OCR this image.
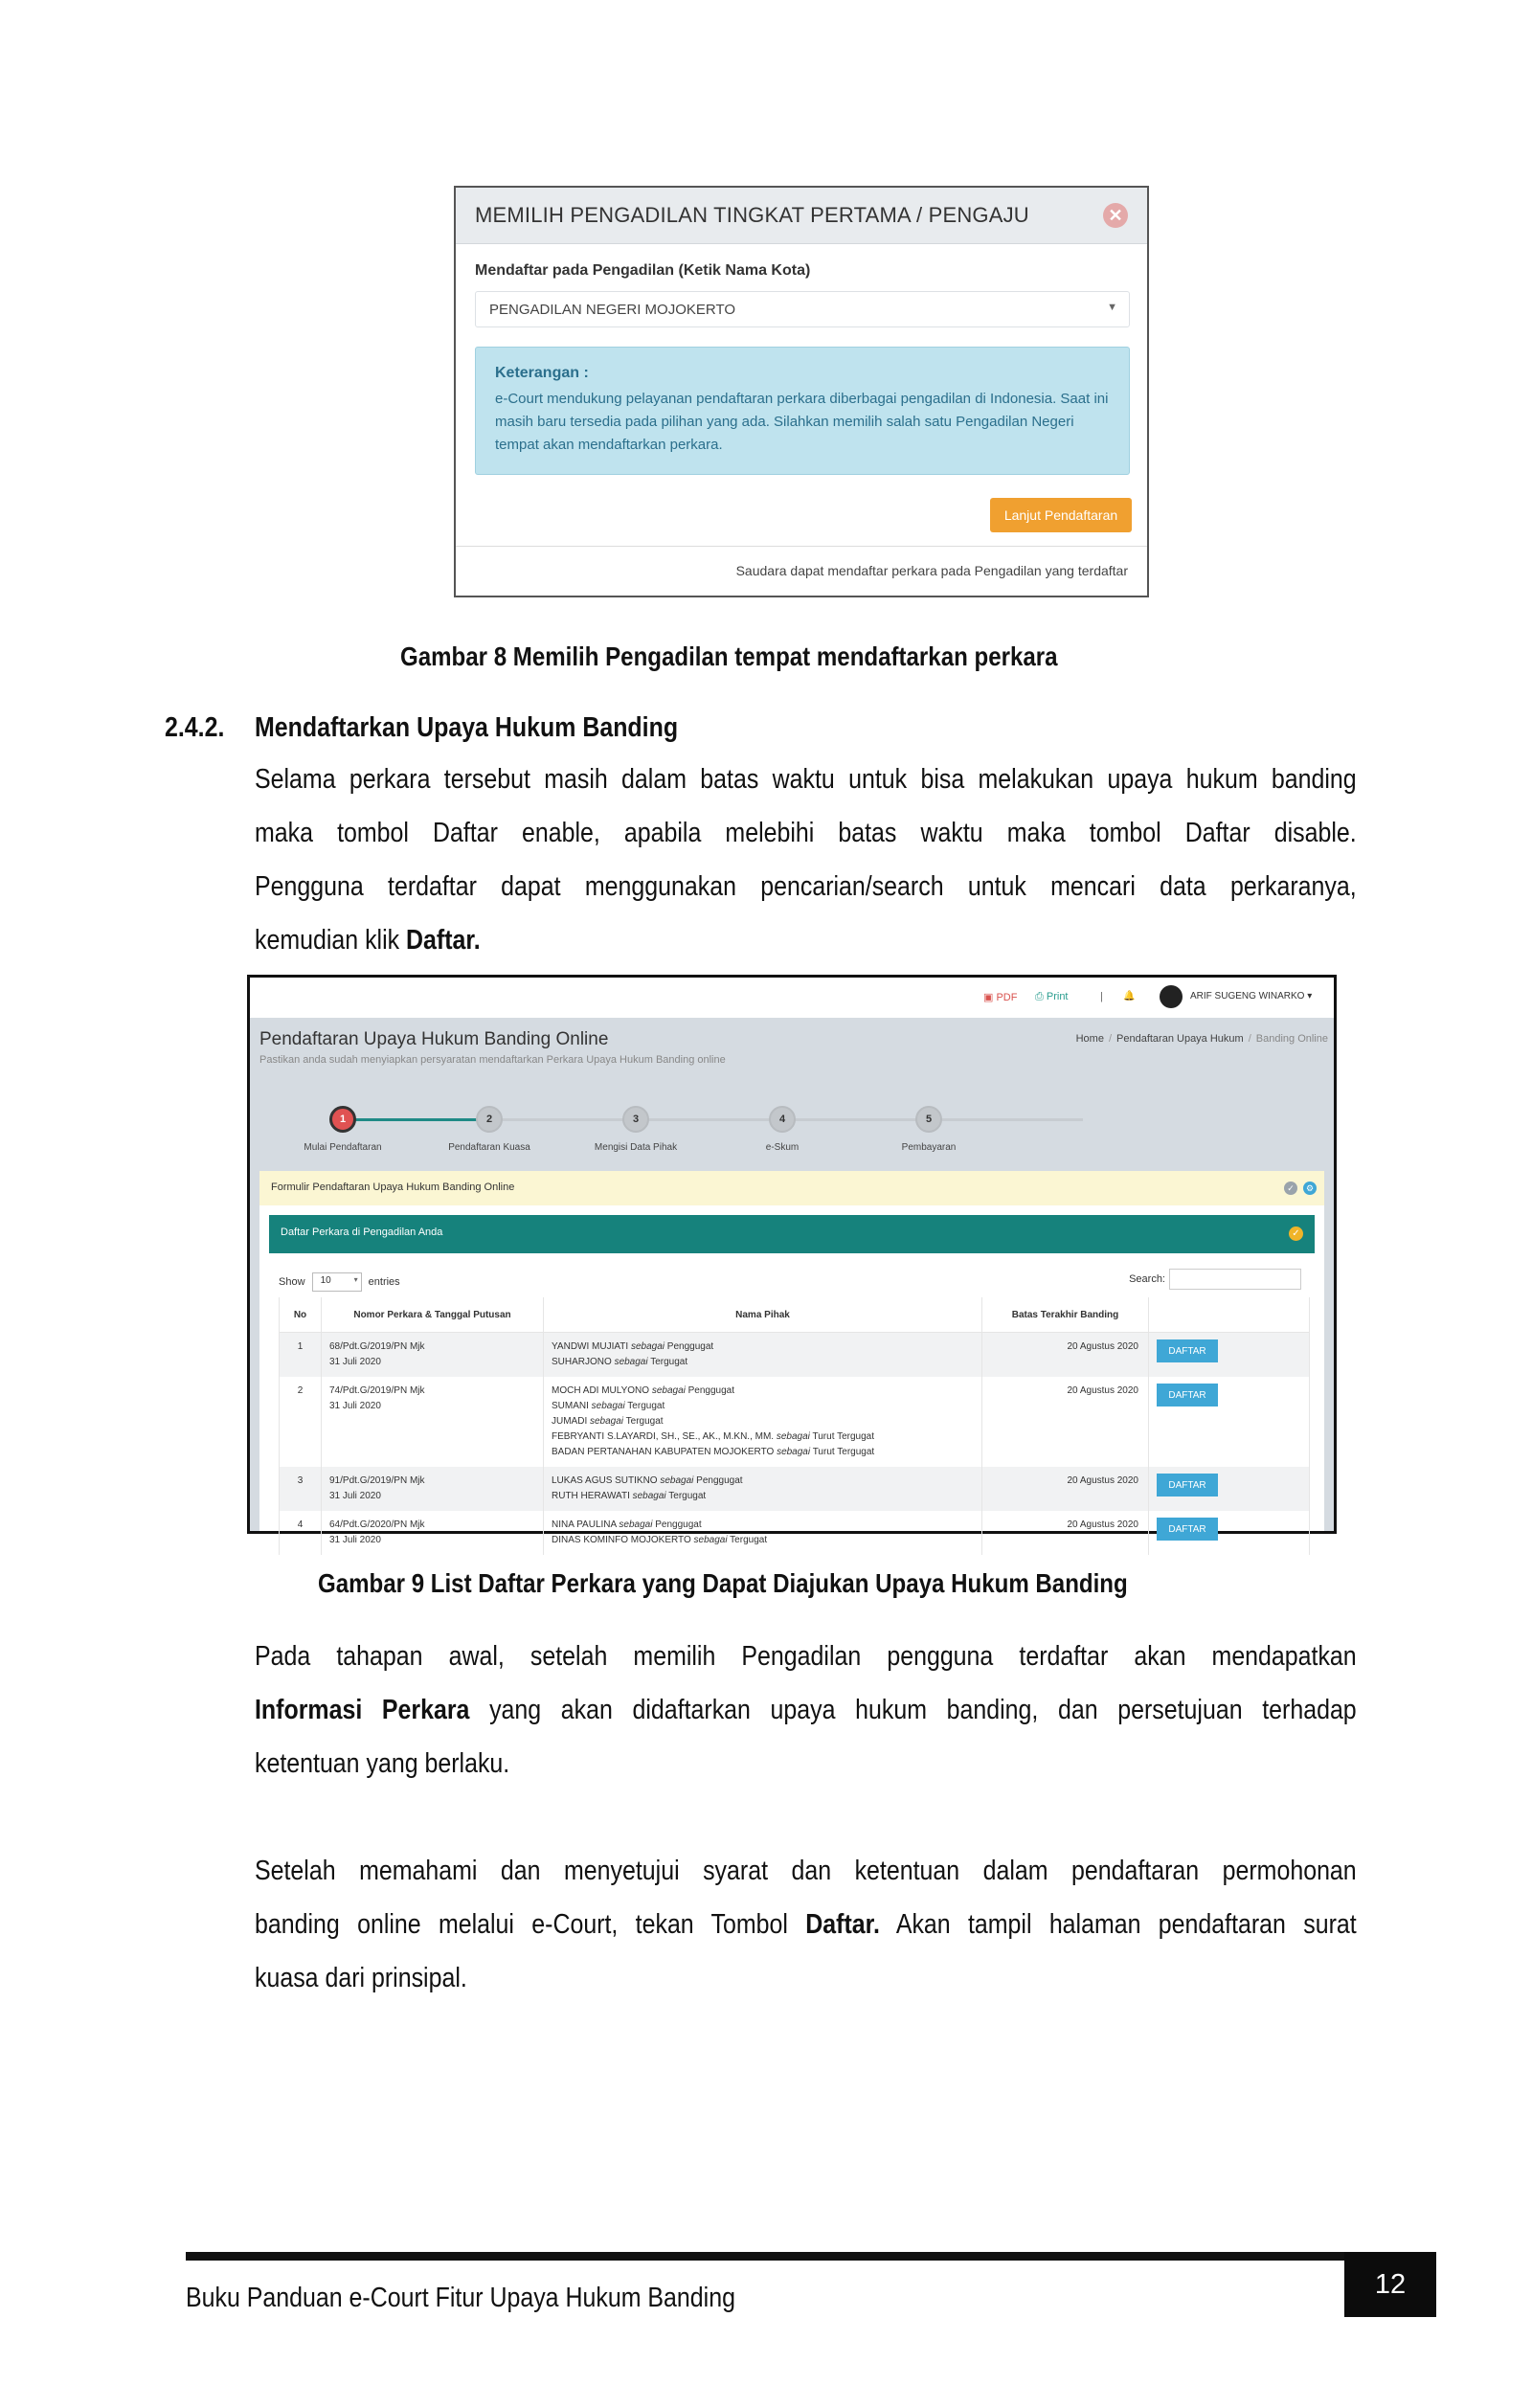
MEMILIH PENGADILAN TINGKAT PERTAMA / PENGAJU	✕
Mendaftar pada Pengadilan (Ketik Nama Kota)
PENGADILAN NEGERI MOJOKERTO	▼
Keterangan :
e-Court mendukung pelayanan pendaftaran perkara diberbagai pengadilan di Indonesia. Saat ini masih baru tersedia pada pilihan yang ada. Silahkan memilih salah satu Pengadilan Negeri tempat akan mendaftarkan perkara.
Lanjut Pendaftaran
Saudara dapat mendaftar perkara pada Pengadilan yang terdaftar
Gambar 8 Memilih Pengadilan tempat mendaftarkan perkara
2.4.2. Mendaftarkan Upaya Hukum Banding
Selama perkara tersebut masih dalam batas waktu untuk bisa melakukan upaya hukum banding
maka tombol Daftar enable, apabila melebihi batas waktu maka tombol Daftar disable.
Pengguna terdaftar dapat menggunakan pencarian/search untuk mencari data perkaranya,
kemudian klik Daftar.
▣ PDF ⎙ Print	| 🔔	ARIF SUGENG WINARKO ▾
Pendaftaran Upaya Hukum Banding Online
Pastikan anda sudah menyiapkan persyaratan mendaftarkan Perkara Upaya Hukum Banding online
Home / Pendaftaran Upaya Hukum / Banding Online
1	2	3	4	5
Mulai Pendaftaran	Pendaftaran Kuasa	Mengisi Data Pihak	e-Skum	Pembayaran
Formulir Pendaftaran Upaya Hukum Banding Online	✓	⚙
Daftar Perkara di Pengadilan Anda	✓
Show 10	▾ entries	Search:
No	Nomor Perkara & Tanggal Putusan	Nama Pihak	Batas Terakhir Banding	
1	68/Pdt.G/2019/PN Mjk
31 Juli 2020	YANDWI MUJIATI sebagai Penggugat
SUHARJONO sebagai Tergugat	20 Agustus 2020	DAFTAR
2	74/Pdt.G/2019/PN Mjk
31 Juli 2020	MOCH ADI MULYONO sebagai Penggugat
SUMANI sebagai Tergugat
JUMADI sebagai Tergugat
FEBRYANTI S.LAYARDI, SH., SE., AK., M.KN., MM. sebagai Turut Tergugat
BADAN PERTANAHAN KABUPATEN MOJOKERTO sebagai Turut Tergugat	20 Agustus 2020	DAFTAR
3	91/Pdt.G/2019/PN Mjk
31 Juli 2020	LUKAS AGUS SUTIKNO sebagai Penggugat
RUTH HERAWATI sebagai Tergugat	20 Agustus 2020	DAFTAR
4	64/Pdt.G/2020/PN Mjk
31 Juli 2020	NINA PAULINA sebagai Penggugat
DINAS KOMINFO MOJOKERTO sebagai Tergugat	20 Agustus 2020	DAFTAR
Gambar 9 List Daftar Perkara yang Dapat Diajukan Upaya Hukum Banding
Pada tahapan awal, setelah memilih Pengadilan pengguna terdaftar akan mendapatkan
Informasi Perkara yang akan didaftarkan upaya hukum banding, dan persetujuan terhadap
ketentuan yang berlaku.
Setelah memahami dan menyetujui syarat dan ketentuan dalam pendaftaran permohonan
banding online melalui e-Court, tekan Tombol Daftar. Akan tampil halaman pendaftaran surat
kuasa dari prinsipal.
Buku Panduan e-Court Fitur Upaya Hukum Banding	12
